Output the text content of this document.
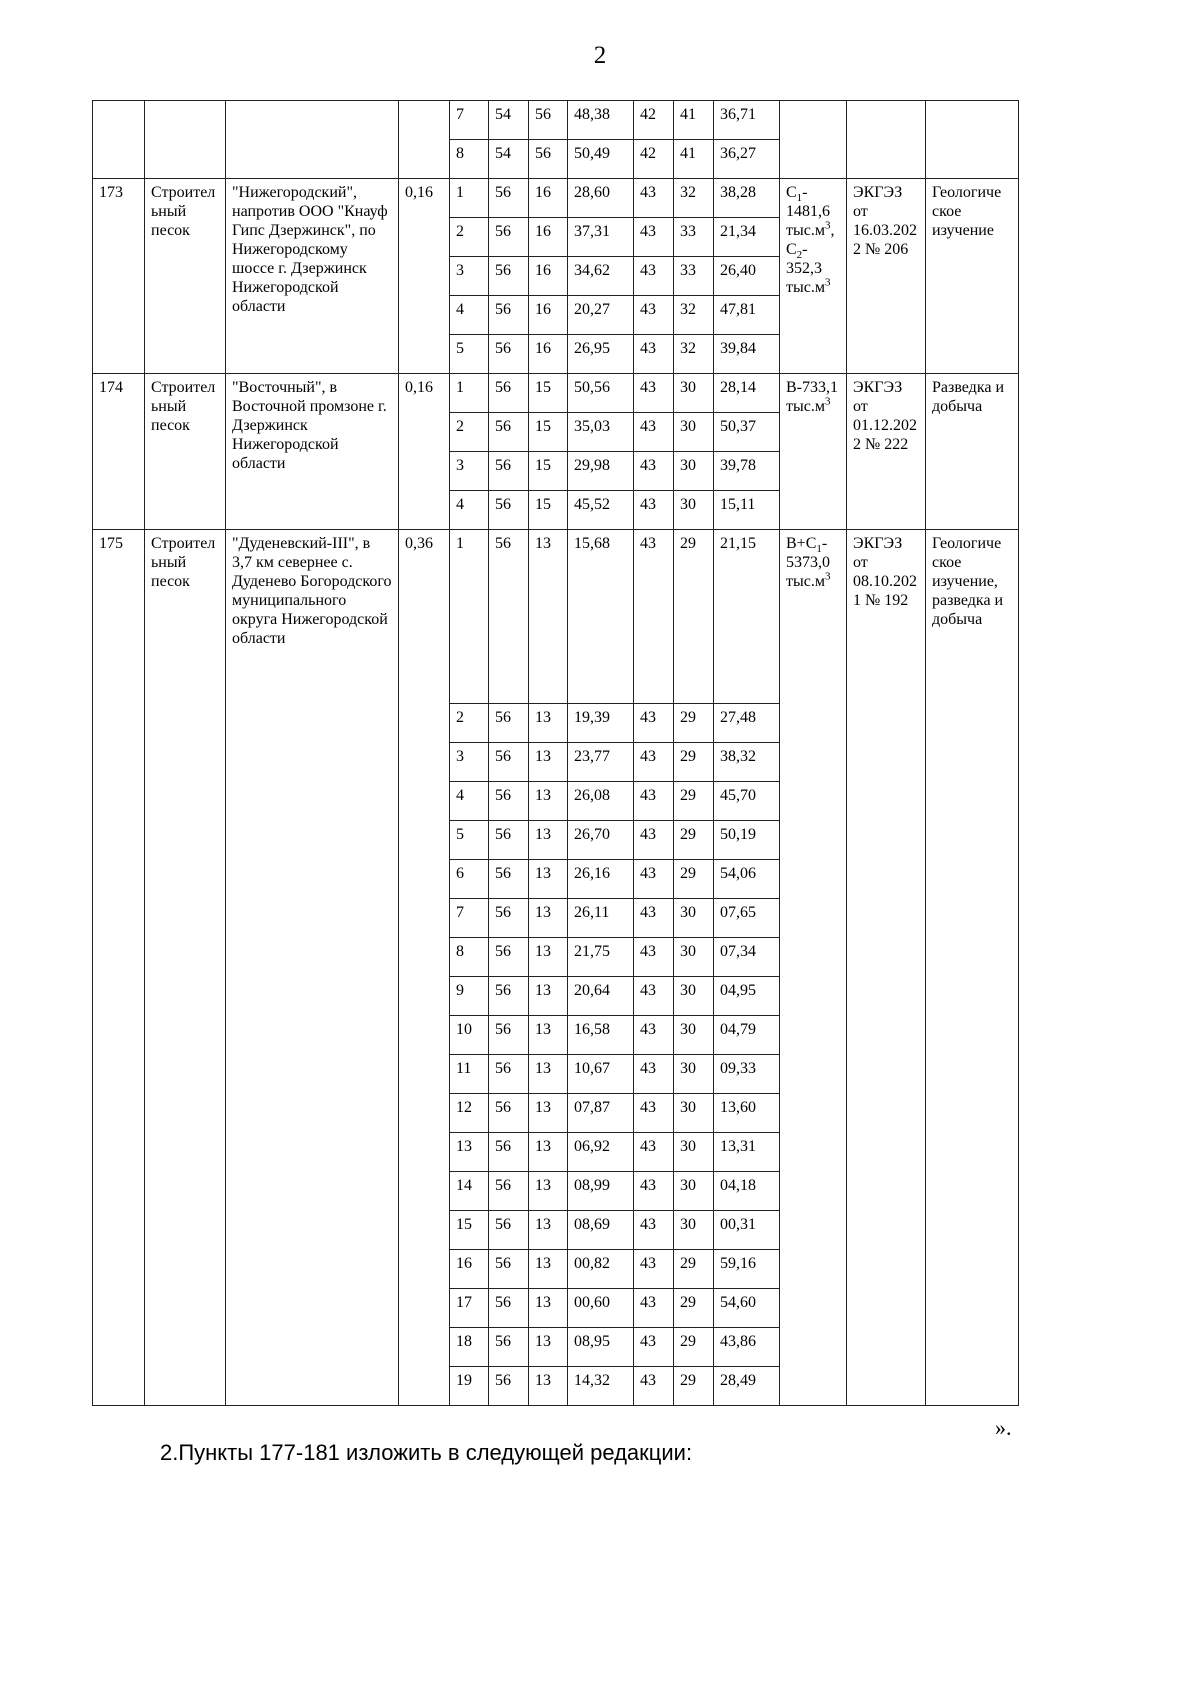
2
				7	54	56	48,38	42	41	36,71			
				8	54	56	50,49	42	41	36,27			
173	Строител ьный песок	"Нижегородский", напротив ООО "Кнауф Гипс Дзержинск", по Нижегородскому шоссе г. Дзержинск Нижегородской области	0,16	1	56	16	28,60	43	32	38,28	$C_1-1481,6$ $тыс.м^3$, $C_2-352,3$ $тыс.м^3$	ЭКГЭЗ от 16.03.202 2 № 206	Геологиче ское изучение
				2	56	16	37,31	43	33	21,34			
				3	56	16	34,62	43	33	26,40			
				4	56	16	20,27	43	32	47,81			
				5	56	16	26,95	43	32	39,84			
174	Строител ьный песок	"Восточный", в Восточной промзоне г. Дзержинск Нижегородской области	0,16	1	56	15	50,56	43	30	28,14	B-733,1 $тыс.м^3$	ЭКГЭЗ от 01.12.202 2 № 222	Разведка и добыча
				2	56	15	35,03	43	30	50,37			
				3	56	15	29,98	43	30	39,78			
				4	56	15	45,52	43	30	15,11			
175	Строител ьный песок	"Дуденевский-III", в 3,7 км севернее с. Дуденево Богородского муниципального округа Нижегородской области	0,36	1	56	13	15,68	43	29	21,15	$B+C_1-5373,0$ $тыс.м^3$	ЭКГЭЗ от 08.10.202 1 № 192	Геологиче ское изучение, разведка и добыча
				2	56	13	19,39	43	29	27,48			
				3	56	13	23,77	43	29	38,32			
				4	56	13	26,08	43	29	45,70			
				5	56	13	26,70	43	29	50,19			
				6	56	13	26,16	43	29	54,06			
				7	56	13	26,11	43	30	07,65			
				8	56	13	21,75	43	30	07,34			
				9	56	13	20,64	43	30	04,95			
				10	56	13	16,58	43	30	04,79			
				11	56	13	10,67	43	30	09,33			
				12	56	13	07,87	43	30	13,60			
				13	56	13	06,92	43	30	13,31			
				14	56	13	08,99	43	30	04,18			
				15	56	13	08,69	43	30	00,31			
				16	56	13	00,82	43	29	59,16			
				17	56	13	00,60	43	29	54,60			
				18	56	13	08,95	43	29	43,86			
				19	56	13	14,32	43	29	28,49			
».
2.Пункты 177-181 изложить в следующей редакции:
